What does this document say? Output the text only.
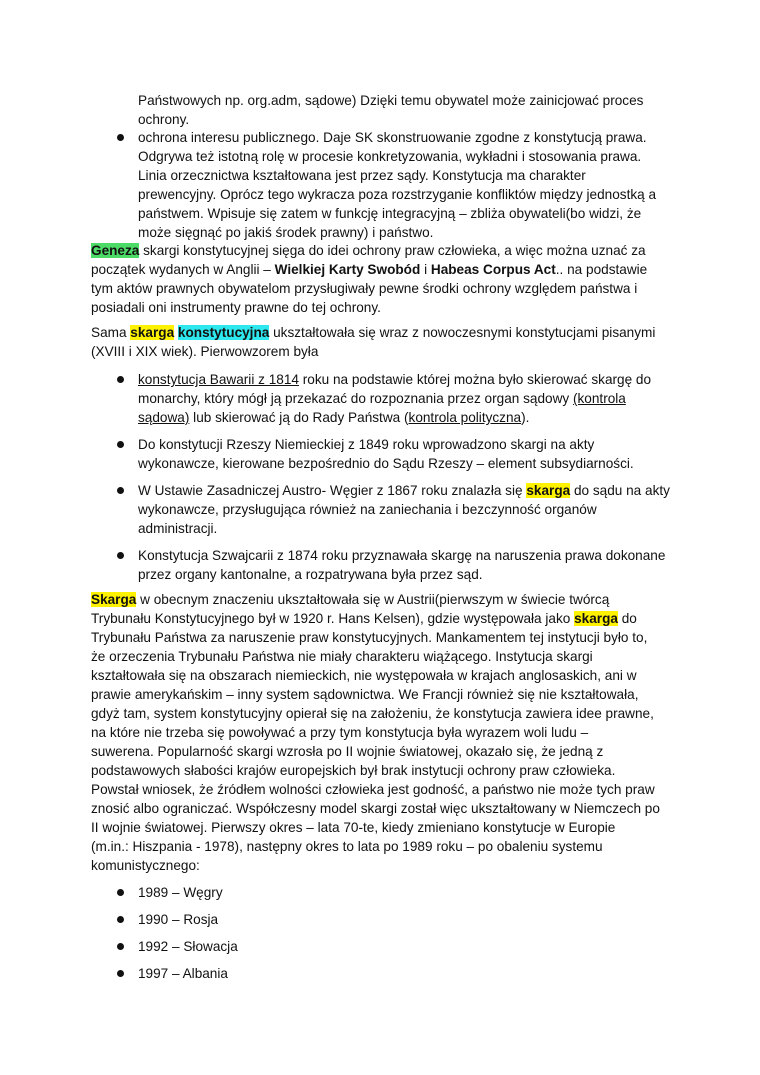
Państwowych np. org.adm, sądowe) Dzięki temu obywatel może zainicjować proces
ochrony.
ochrona interesu publicznego. Daje SK skonstruowanie zgodne z konstytucją prawa.
Odgrywa też istotną rolę w procesie konkretyzowania, wykładni i stosowania prawa.
Linia orzecznictwa kształtowana jest przez sądy. Konstytucja ma charakter
prewencyjny. Oprócz tego wykracza poza rozstrzyganie konfliktów między jednostką a
państwem. Wpisuje się zatem w funkcję integracyjną – zbliża obywateli(bo widzi, że
może sięgnąć po jakiś środek prawny) i państwo.
Geneza skargi konstytucyjnej sięga do idei ochrony praw człowieka, a więc można uznać za
początek wydanych w Anglii – Wielkiej Karty Swobód i Habeas Corpus Act.. na podstawie
tym aktów prawnych obywatelom przysługiwały pewne środki ochrony względem państwa i
posiadali oni instrumenty prawne do tej ochrony.
Sama skarga konstytucyjna ukształtowała się wraz z nowoczesnymi konstytucjami pisanymi
(XVIII i XIX wiek). Pierwowzorem była
konstytucja Bawarii z 1814 roku na podstawie której można było skierować skargę do
monarchy, który mógł ją przekazać do rozpoznania przez organ sądowy (kontrola
sądowa) lub skierować ją do Rady Państwa (kontrola polityczna).
Do konstytucji Rzeszy Niemieckiej z 1849 roku wprowadzono skargi na akty
wykonawcze, kierowane bezpośrednio do Sądu Rzeszy – element subsydiarności.
W Ustawie Zasadniczej Austro- Węgier z 1867 roku znalazła się skarga do sądu na akty
wykonawcze, przysługująca również na zaniechania i bezczynność organów
administracji.
Konstytucja Szwajcarii z 1874 roku przyznawała skargę na naruszenia prawa dokonane
przez organy kantonalne, a rozpatrywana była przez sąd.
Skarga w obecnym znaczeniu ukształtowała się w Austrii(pierwszym w świecie twórcą
Trybunału Konstytucyjnego był w 1920 r. Hans Kelsen), gdzie występowała jako skarga do
Trybunału Państwa za naruszenie praw konstytucyjnych. Mankamentem tej instytucji było to,
że orzeczenia Trybunału Państwa nie miały charakteru wiążącego. Instytucja skargi
kształtowała się na obszarach niemieckich, nie występowała w krajach anglosaskich, ani w
prawie amerykańskim – inny system sądownictwa. We Francji również się nie kształtowała,
gdyż tam, system konstytucyjny opierał się na założeniu, że konstytucja zawiera idee prawne,
na które nie trzeba się powoływać a przy tym konstytucja była wyrazem woli ludu –
suwerena. Popularność skargi wzrosła po II wojnie światowej, okazało się, że jedną z
podstawowych słabości krajów europejskich był brak instytucji ochrony praw człowieka.
Powstał wniosek, że źródłem wolności człowieka jest godność, a państwo nie może tych praw
znosić albo ograniczać. Współczesny model skargi został więc ukształtowany w Niemczech po
II wojnie światowej. Pierwszy okres – lata 70-te, kiedy zmieniano konstytucje w Europie
(m.in.: Hiszpania - 1978), następny okres to lata po 1989 roku – po obaleniu systemu
komunistycznego:
1989 – Węgry
1990 – Rosja
1992 – Słowacja
1997 – Albania
